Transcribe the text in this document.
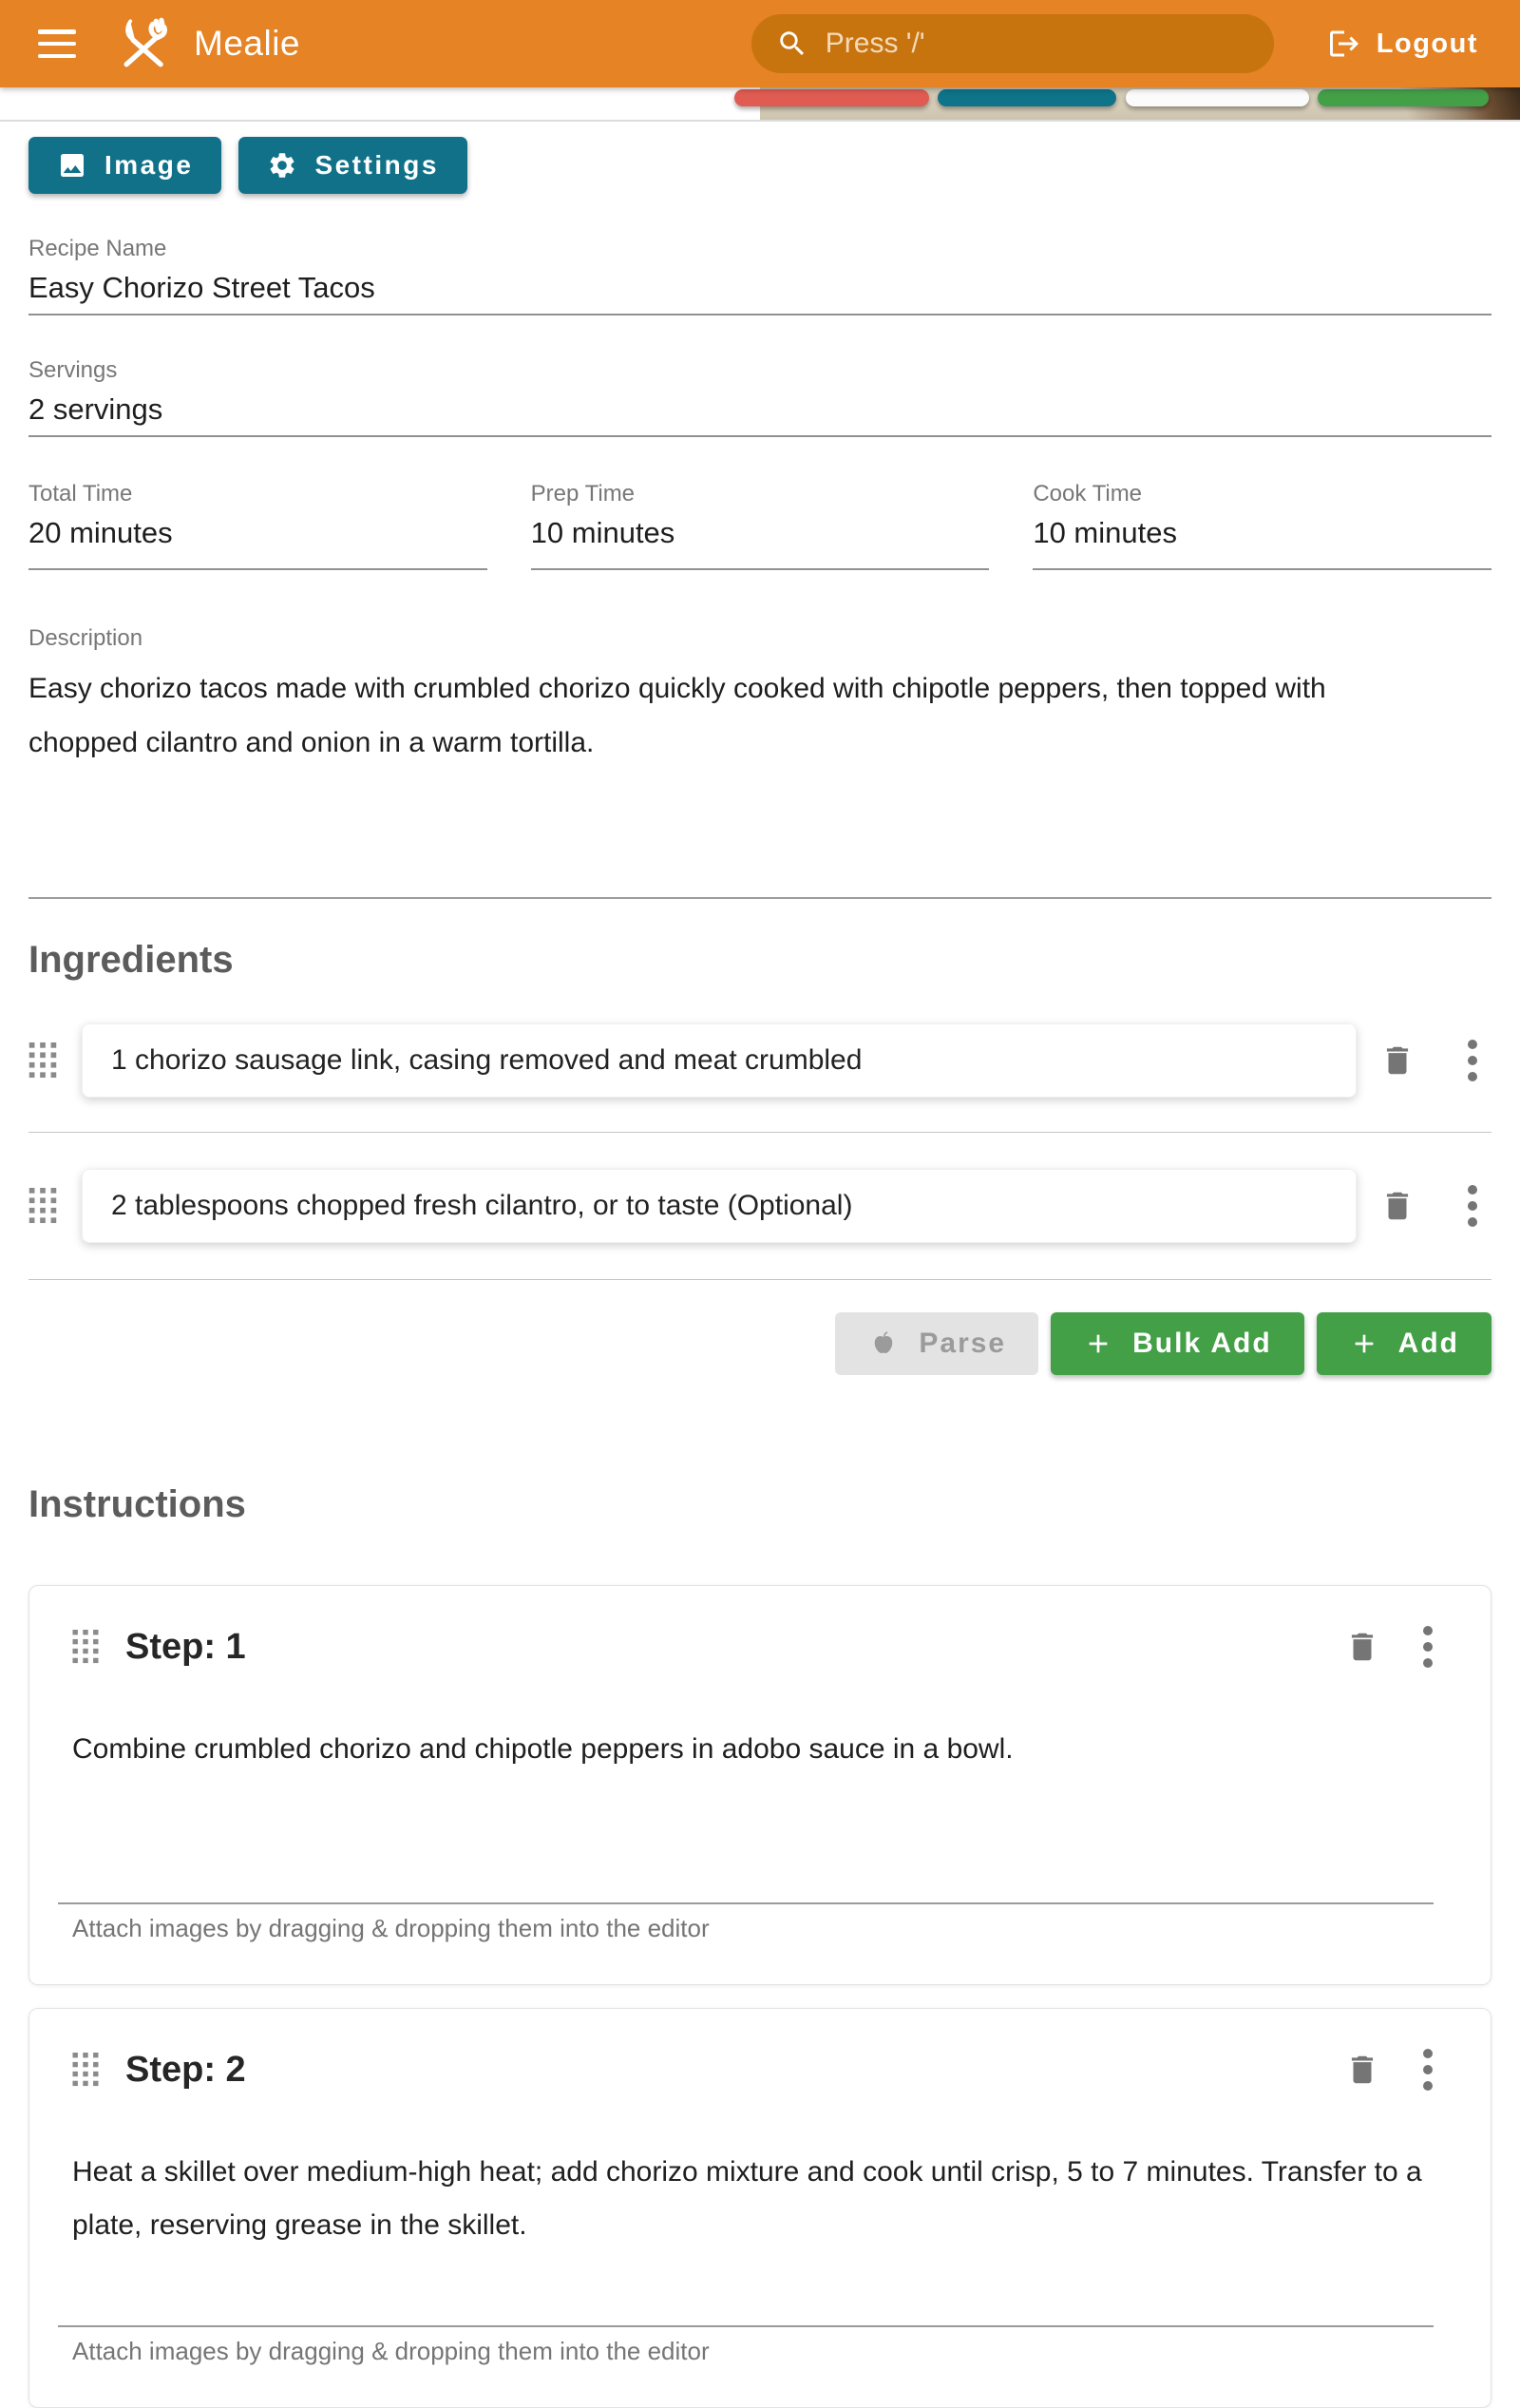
Mealie	Press '/'	Logout
Image	Settings
Recipe Name
Easy Chorizo Street Tacos
Servings
2 servings
Total Time
20 minutes
Prep Time
10 minutes
Cook Time
10 minutes
Description
Easy chorizo tacos made with crumbled chorizo quickly cooked with chipotle peppers, then topped with chopped cilantro and onion in a warm tortilla.
Ingredients
1 chorizo sausage link, casing removed and meat crumbled
2 tablespoons chopped fresh cilantro, or to taste (Optional)
Parse	Bulk Add	Add
Instructions
Step: 1
Combine crumbled chorizo and chipotle peppers in adobo sauce in a bowl.
Attach images by dragging & dropping them into the editor
Step: 2
Heat a skillet over medium-high heat; add chorizo mixture and cook until crisp, 5 to 7 minutes. Transfer to a plate, reserving grease in the skillet.
Attach images by dragging & dropping them into the editor
